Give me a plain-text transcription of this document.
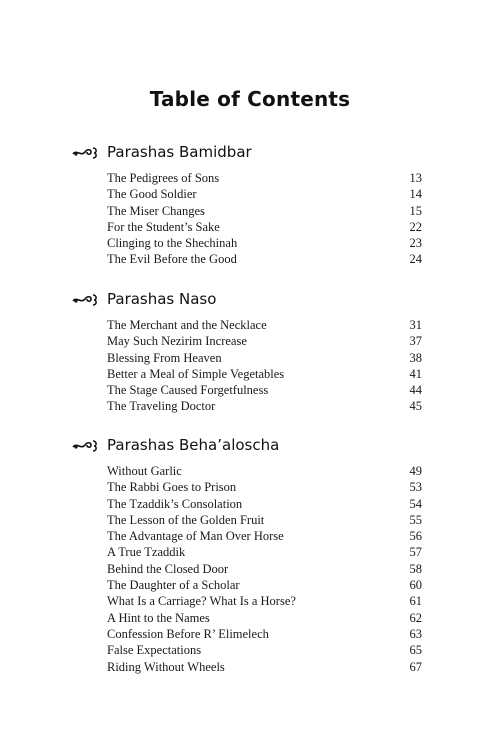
Table of Contents
Parashas Bamidbar
The Pedigrees of Sons	13
The Good Soldier	14
The Miser Changes	15
For the Student’s Sake	22
Clinging to the Shechinah	23
The Evil Before the Good	24
Parashas Naso
The Merchant and the Necklace	31
May Such Nezirim Increase	37
Blessing From Heaven	38
Better a Meal of Simple Vegetables	41
The Stage Caused Forgetfulness	44
The Traveling Doctor	45
Parashas Beha’aloscha
Without Garlic	49
The Rabbi Goes to Prison	53
The Tzaddik’s Consolation	54
The Lesson of the Golden Fruit	55
The Advantage of Man Over Horse	56
A True Tzaddik	57
Behind the Closed Door	58
The Daughter of a Scholar	60
What Is a Carriage? What Is a Horse?	61
A Hint to the Names	62
Confession Before R’ Elimelech	63
False Expectations	65
Riding Without Wheels	67
